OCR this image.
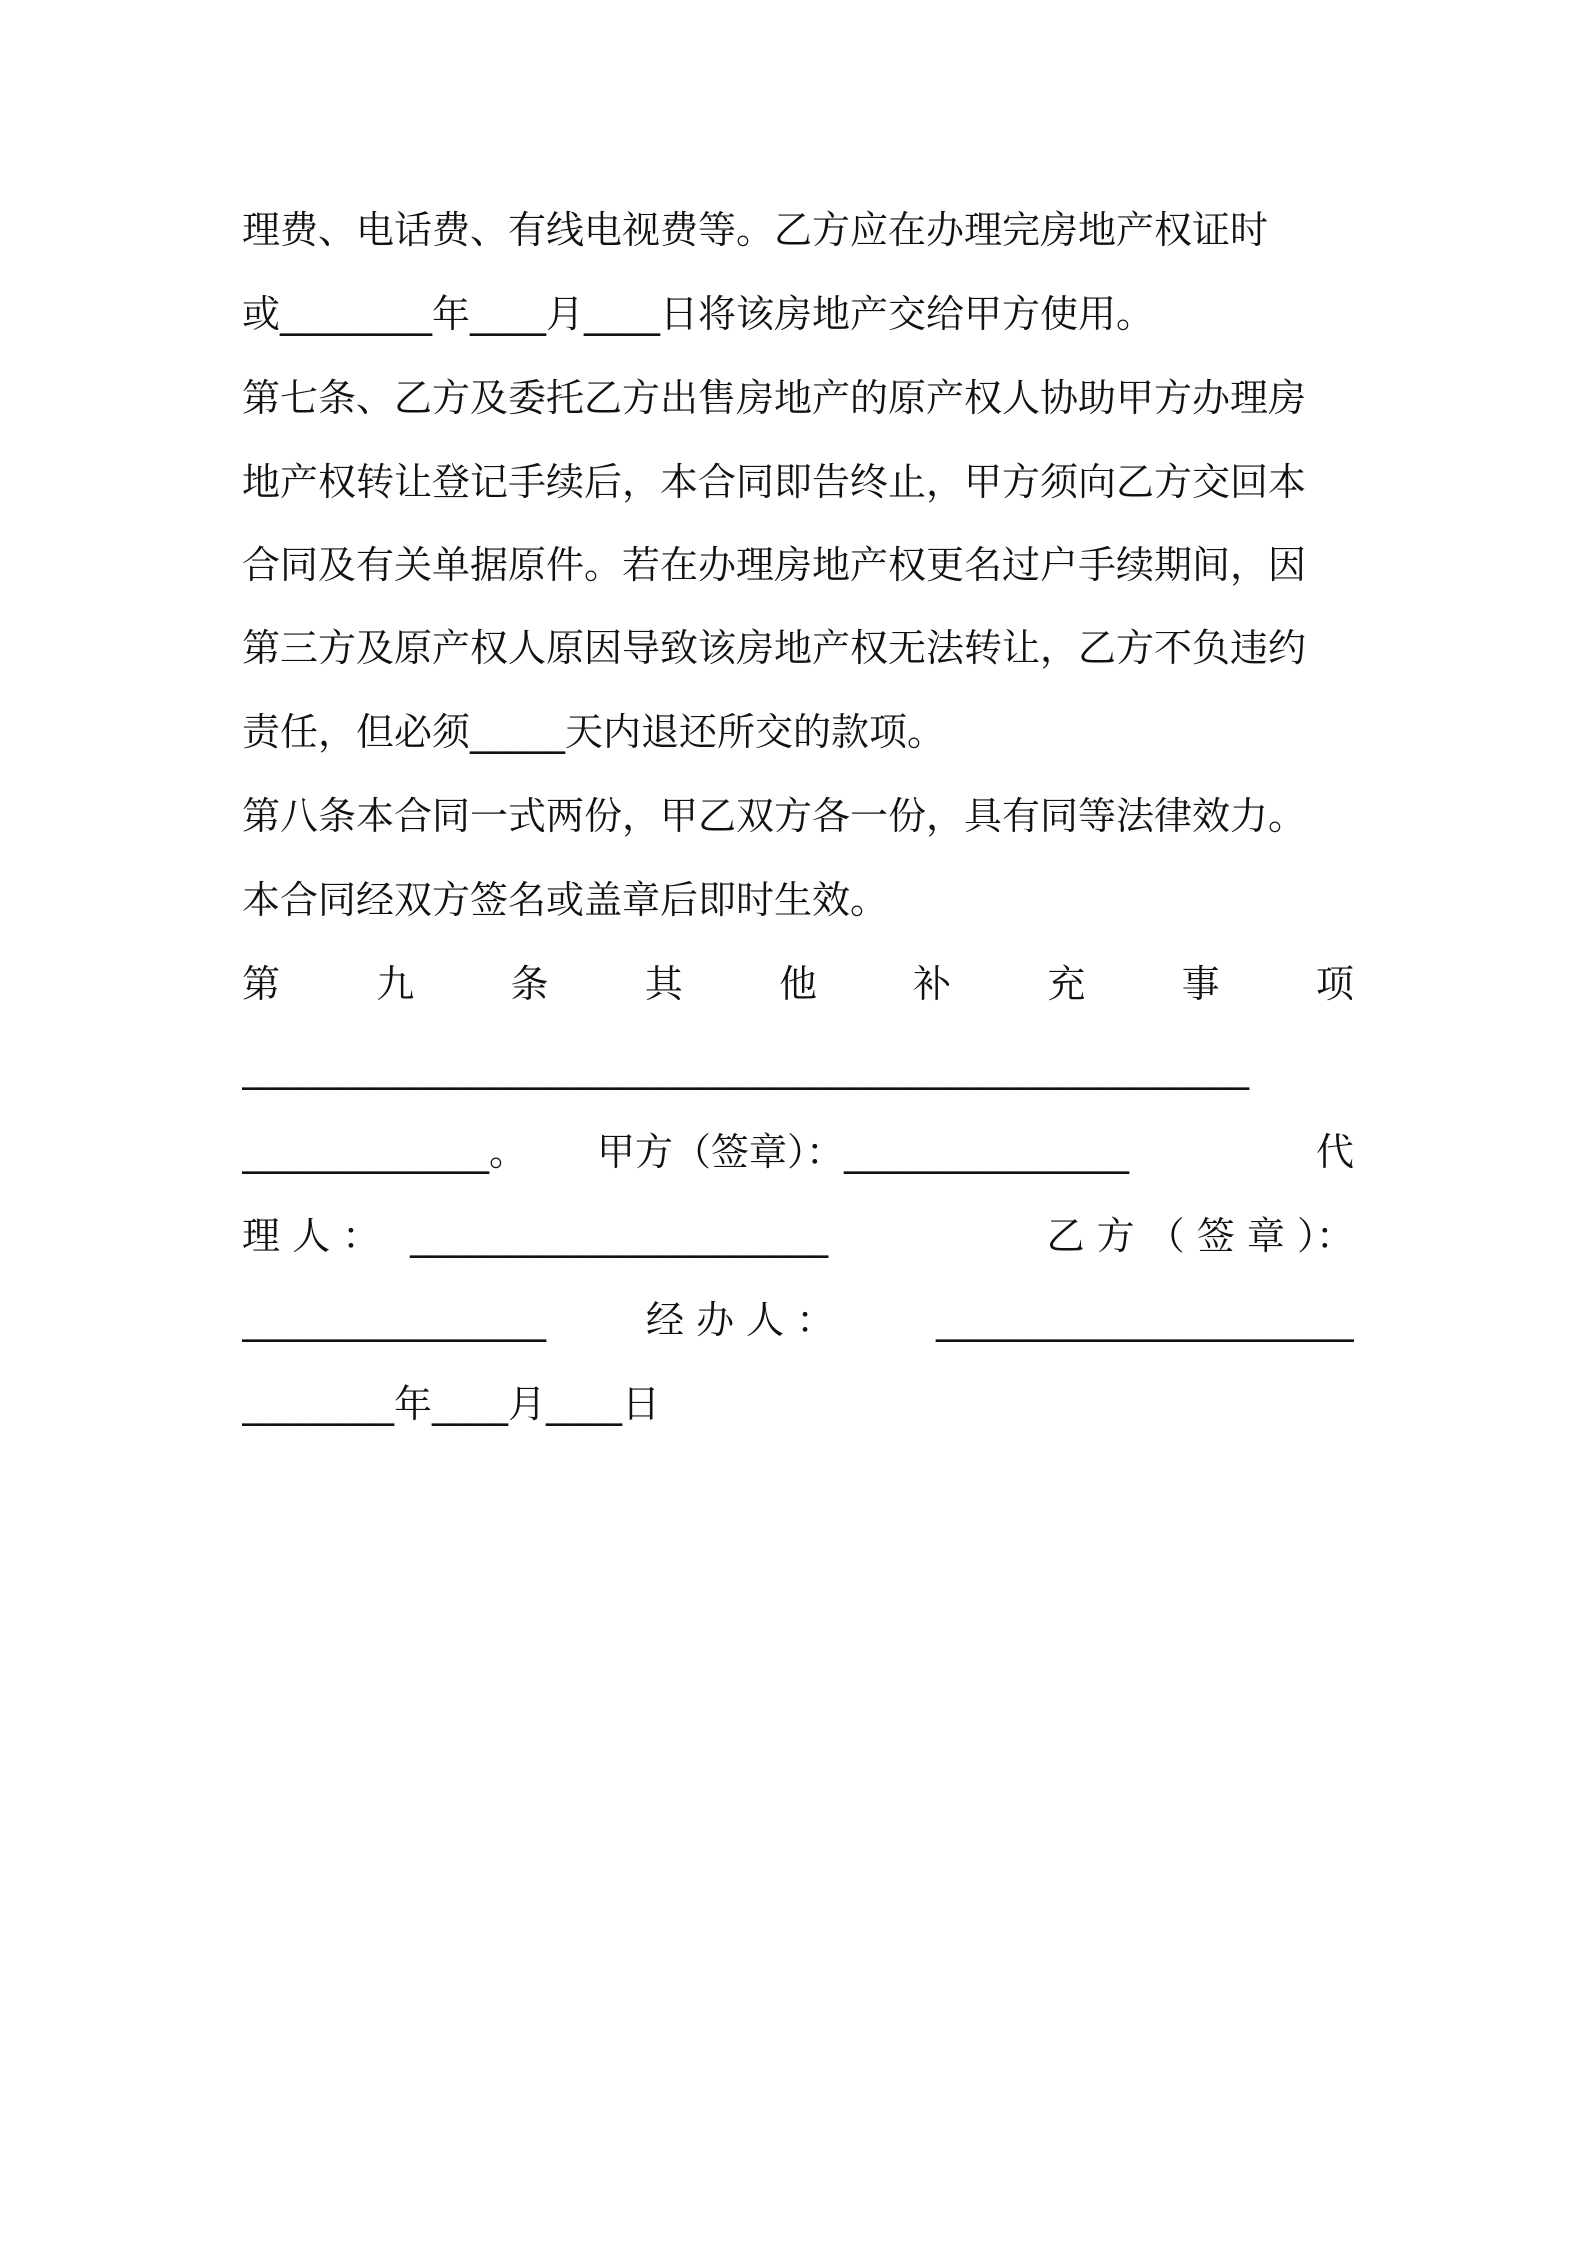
理费、电话费、有线电视费等。乙方应在办理完房地产权证时
或________年____月____日将该房地产交给甲方使用。
第七条、乙方及委托乙方出售房地产的原产权人协助甲方办理房
地产权转让登记手续后，本合同即告终止，甲方须向乙方交回本
合同及有关单据原件。若在办理房地产权更名过户手续期间，因
第三方及原产权人原因导致该房地产权无法转让，乙方不负违约
责任，但必须_____天内退还所交的款项。
第八条本合同一式两份，甲乙双方各一份，具有同等法律效力。
本合同经双方签名或盖章后即时生效。
第	九	条	其	他	补	充	事	项
_____________________________________________________
_____________。 甲方（签章）： _______________	代
理 人 ： ______________________	乙 方 （ 签 章 ）：
________________	经 办 人 ：	______________________
________年____月____日
